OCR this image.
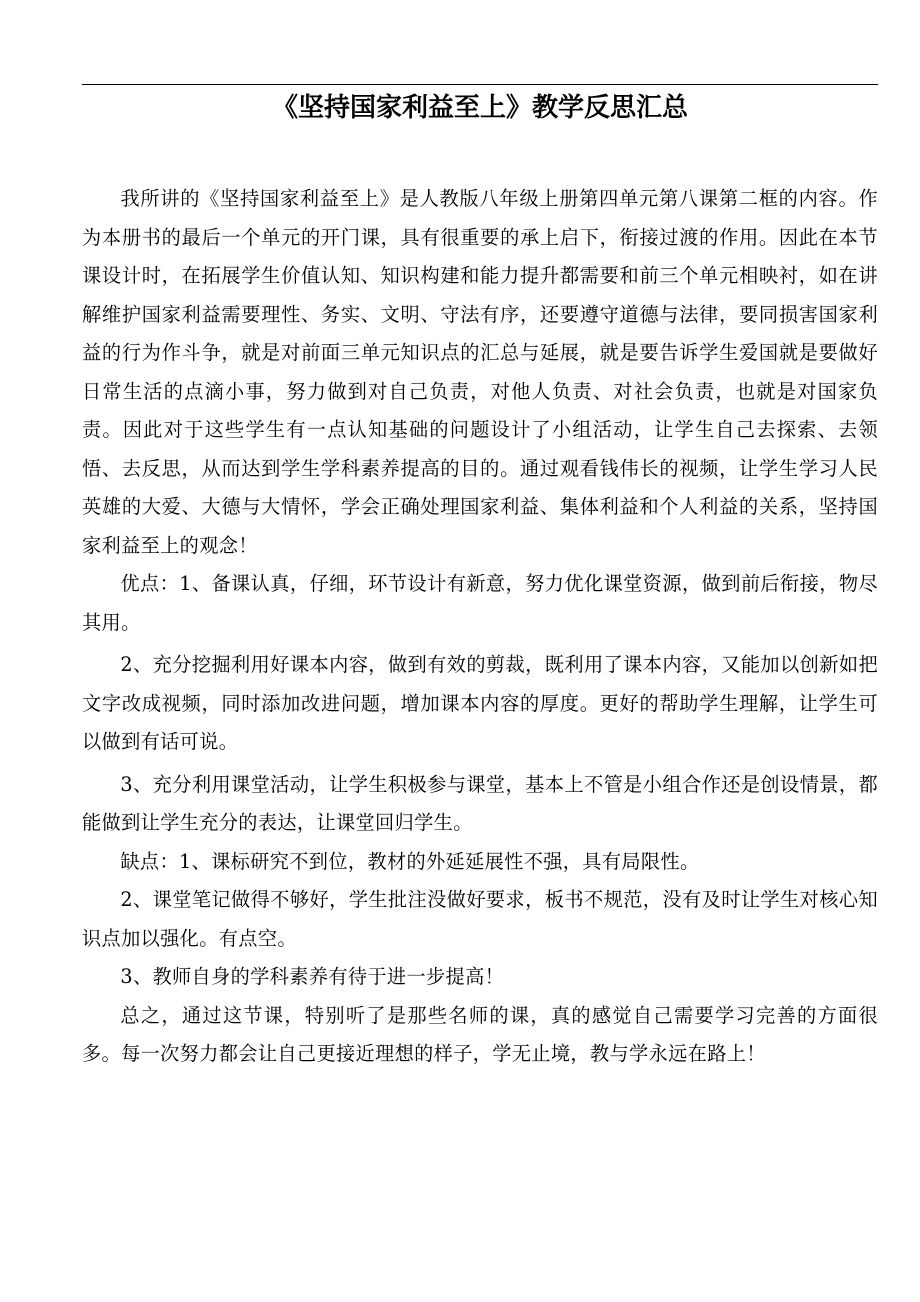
《坚持国家利益至上》教学反思汇总

我所讲的《坚持国家利益至上》是人教版八年级上册第四单元第八课第二框的内容。作为本册书的最后一个单元的开门课，具有很重要的承上启下，衔接过渡的作用。因此在本节课设计时，在拓展学生价值认知、知识构建和能力提升都需要和前三个单元相映衬，如在讲解维护国家利益需要理性、务实、文明、守法有序，还要遵守道德与法律，要同损害国家利益的行为作斗争，就是对前面三单元知识点的汇总与延展，就是要告诉学生爱国就是要做好日常生活的点滴小事，努力做到对自己负责，对他人负责、对社会负责，也就是对国家负责。因此对于这些学生有一点认知基础的问题设计了小组活动，让学生自己去探索、去领悟、去反思，从而达到学生学科素养提高的目的。通过观看钱伟长的视频，让学生学习人民英雄的大爱、大德与大情怀，学会正确处理国家利益、集体利益和个人利益的关系，坚持国家利益至上的观念！

优点：1、备课认真，仔细，环节设计有新意，努力优化课堂资源，做到前后衔接，物尽其用。

2、充分挖掘利用好课本内容，做到有效的剪裁，既利用了课本内容，又能加以创新如把文字改成视频，同时添加改进问题，增加课本内容的厚度。更好的帮助学生理解，让学生可以做到有话可说。

3、充分利用课堂活动，让学生积极参与课堂，基本上不管是小组合作还是创设情景，都能做到让学生充分的表达，让课堂回归学生。

缺点：1、课标研究不到位，教材的外延延展性不强，具有局限性。

2、课堂笔记做得不够好，学生批注没做好要求，板书不规范，没有及时让学生对核心知识点加以强化。有点空。

3、教师自身的学科素养有待于进一步提高！

总之，通过这节课，特别听了是那些名师的课，真的感觉自己需要学习完善的方面很多。每一次努力都会让自己更接近理想的样子，学无止境，教与学永远在路上！
